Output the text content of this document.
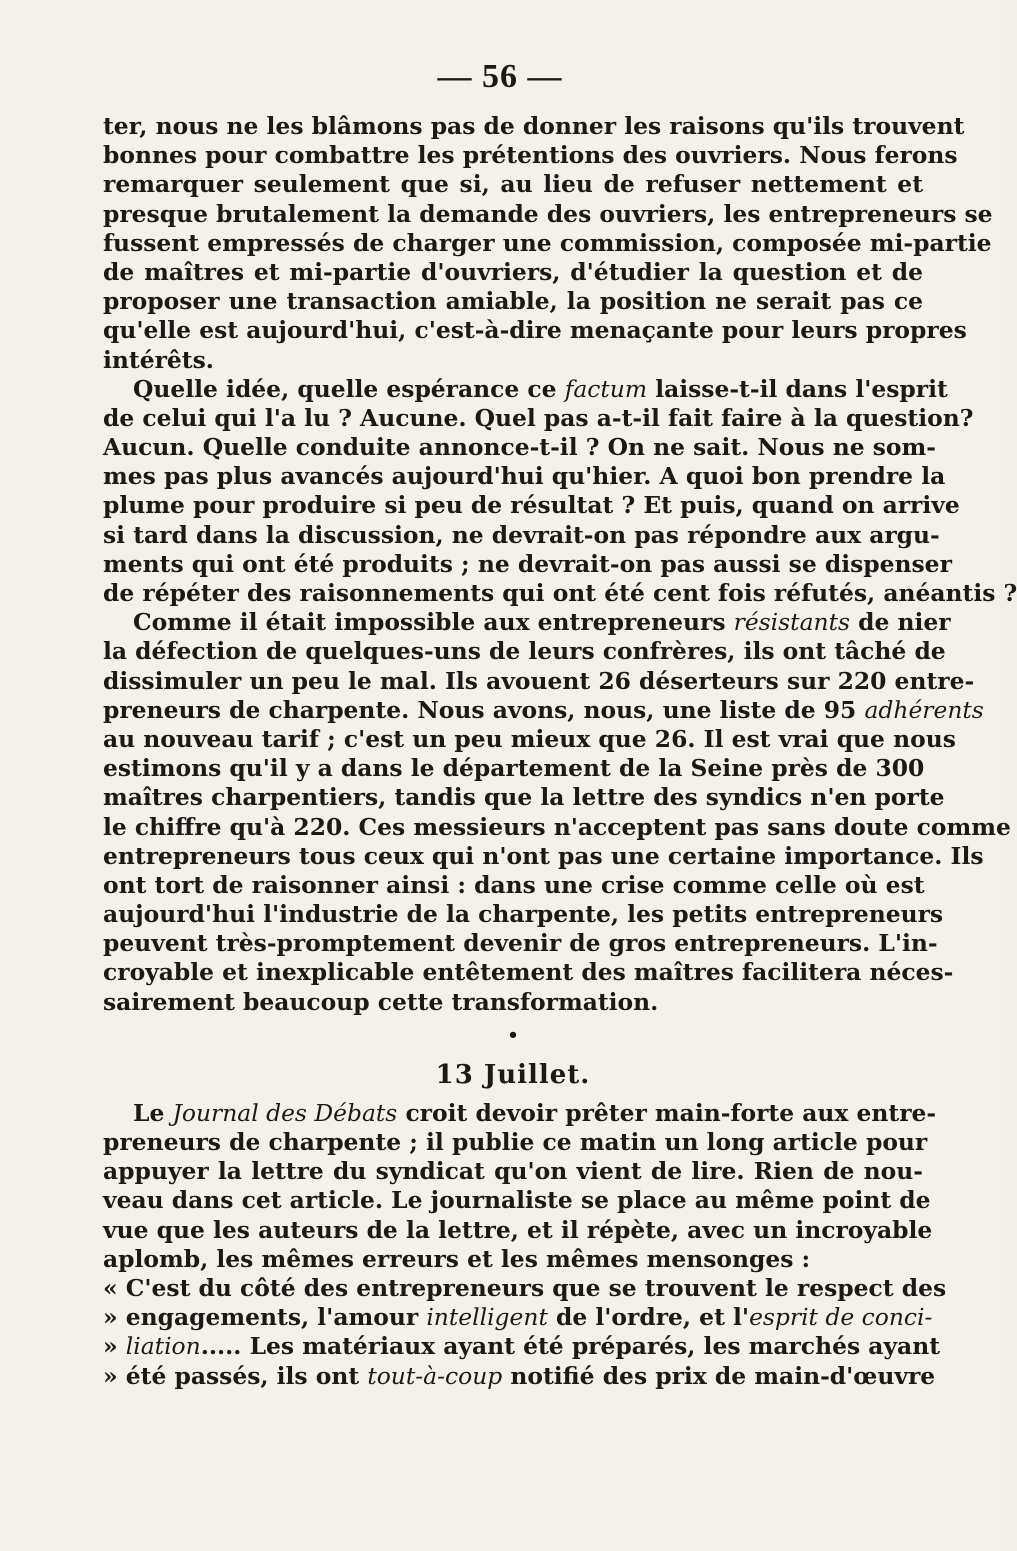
— 56 —
ter, nous ne les blâmons pas de donner les raisons qu'ils trouvent
bonnes pour combattre les prétentions des ouvriers. Nous ferons
remarquer seulement que si, au lieu de refuser nettement et
presque brutalement la demande des ouvriers, les entrepreneurs se
fussent empressés de charger une commission, composée mi-partie
de maîtres et mi-partie d'ouvriers, d'étudier la question et de
proposer une transaction amiable, la position ne serait pas ce
qu'elle est aujourd'hui, c'est-à-dire menaçante pour leurs propres
intérêts.
Quelle idée, quelle espérance ce factum laisse-t-il dans l'esprit
de celui qui l'a lu ? Aucune. Quel pas a-t-il fait faire à la question?
Aucun. Quelle conduite annonce-t-il ? On ne sait. Nous ne som-
mes pas plus avancés aujourd'hui qu'hier. A quoi bon prendre la
plume pour produire si peu de résultat ? Et puis, quand on arrive
si tard dans la discussion, ne devrait-on pas répondre aux argu-
ments qui ont été produits ; ne devrait-on pas aussi se dispenser
de répéter des raisonnements qui ont été cent fois réfutés, anéantis ?
Comme il était impossible aux entrepreneurs résistants de nier
la défection de quelques-uns de leurs confrères, ils ont tâché de
dissimuler un peu le mal. Ils avouent 26 déserteurs sur 220 entre-
preneurs de charpente. Nous avons, nous, une liste de 95 adhérents
au nouveau tarif ; c'est un peu mieux que 26. Il est vrai que nous
estimons qu'il y a dans le département de la Seine près de 300
maîtres charpentiers, tandis que la lettre des syndics n'en porte
le chiffre qu'à 220. Ces messieurs n'acceptent pas sans doute comme
entrepreneurs tous ceux qui n'ont pas une certaine importance. Ils
ont tort de raisonner ainsi : dans une crise comme celle où est
aujourd'hui l'industrie de la charpente, les petits entrepreneurs
peuvent très-promptement devenir de gros entrepreneurs. L'in-
croyable et inexplicable entêtement des maîtres facilitera néces-
sairement beaucoup cette transformation.
•
13 Juillet.
Le Journal des Débats croit devoir prêter main-forte aux entre-
preneurs de charpente ; il publie ce matin un long article pour
appuyer la lettre du syndicat qu'on vient de lire. Rien de nou-
veau dans cet article. Le journaliste se place au même point de
vue que les auteurs de la lettre, et il répète, avec un incroyable
aplomb, les mêmes erreurs et les mêmes mensonges :
« C'est du côté des entrepreneurs que se trouvent le respect des
» engagements, l'amour intelligent de l'ordre, et l'esprit de conci-
» liation..... Les matériaux ayant été préparés, les marchés ayant
» été passés, ils ont tout-à-coup notifié des prix de main-d'œuvre
